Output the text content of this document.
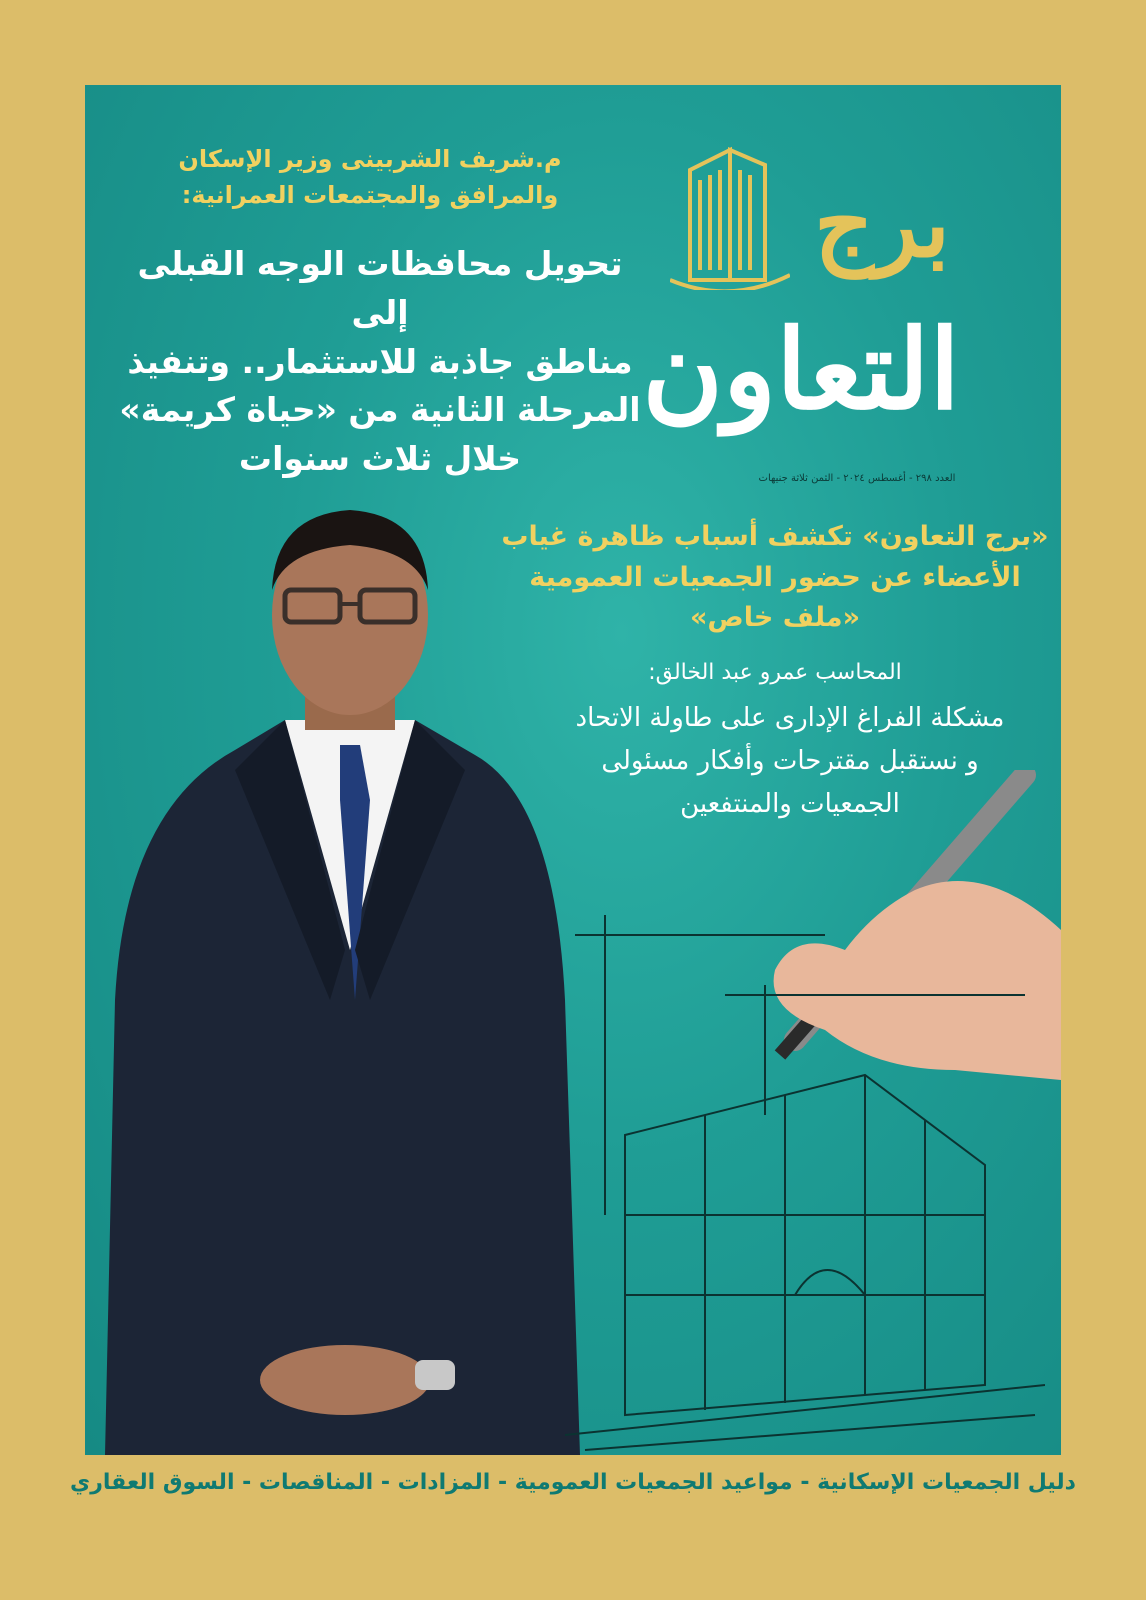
برج
التعاون
العدد ٢٩٨ - أغسطس ٢٠٢٤ - الثمن ثلاثة جنيهات

م.شريف الشربينى وزير الإسكان

والمرافق والمجتمعات العمرانية:

تحويل محافظات الوجه القبلى إلى
مناطق جاذبة للاستثمار.. وتنفيذ
المرحلة الثانية من «حياة كريمة»
خلال ثلاث سنوات
«برج التعاون» تكشف أسباب ظاهرة غياب
الأعضاء عن حضور الجمعيات العمومية
«ملف خاص»

المحاسب عمرو عبد الخالق:

مشكلة الفراغ الإدارى على طاولة الاتحاد
و نستقبل مقترحات وأفكار مسئولى
الجمعيات والمنتفعين
دليل الجمعيات الإسكانية - مواعيد الجمعيات العمومية - المزادات - المناقصات - السوق العقاري
